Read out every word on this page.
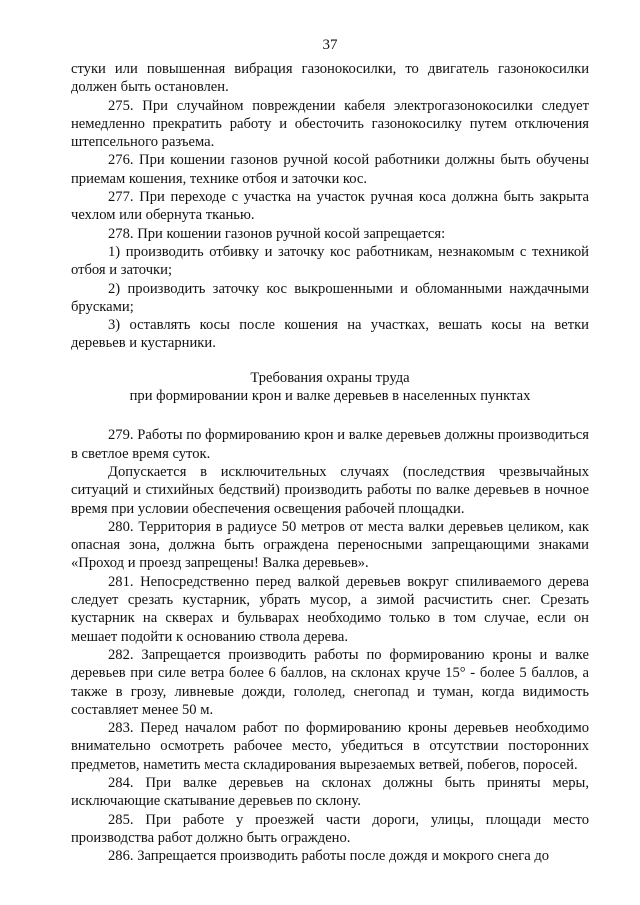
37

стуки или повышенная вибрация газонокосилки, то двигатель газонокосилки должен быть остановлен.

275. При случайном повреждении кабеля электрогазонокосилки следует немедленно прекратить работу и обесточить газонокосилку путем отключения штепсельного разъема.

276. При кошении газонов ручной косой работники должны быть обучены приемам кошения, технике отбоя и заточки кос.

277. При переходе с участка на участок ручная коса должна быть закрыта чехлом или обернута тканью.

278. При кошении газонов ручной косой запрещается:

1) производить отбивку и заточку кос работникам, незнакомым с техникой отбоя и заточки;

2) производить заточку кос выкрошенными и обломанными наждачными брусками;

3) оставлять косы после кошения на участках, вешать косы на ветки деревьев и кустарники.

Требования охраны труда

при формировании крон и валке деревьев в населенных пунктах

279. Работы по формированию крон и валке деревьев должны производиться в светлое время суток.

Допускается в исключительных случаях (последствия чрезвычайных ситуаций и стихийных бедствий) производить работы по валке деревьев в ночное время при условии обеспечения освещения рабочей площадки.

280. Территория в радиусе 50 метров от места валки деревьев целиком, как опасная зона, должна быть ограждена переносными запрещающими знаками «Проход и проезд запрещены! Валка деревьев».

281. Непосредственно перед валкой деревьев вокруг спиливаемого дерева следует срезать кустарник, убрать мусор, а зимой расчистить снег. Срезать кустарник на скверах и бульварах необходимо только в том случае, если он мешает подойти к основанию ствола дерева.

282. Запрещается производить работы по формированию кроны и валке деревьев при силе ветра более 6 баллов, на склонах круче 15° - более 5 баллов, а также в грозу, ливневые дожди, гололед, снегопад и туман, когда видимость составляет менее 50 м.

283. Перед началом работ по формированию кроны деревьев необходимо внимательно осмотреть рабочее место, убедиться в отсутствии посторонних предметов, наметить места складирования вырезаемых ветвей, побегов, поросей.

284. При валке деревьев на склонах должны быть приняты меры, исключающие скатывание деревьев по склону.

285. При работе у проезжей части дороги, улицы, площади место производства работ должно быть ограждено.

286. Запрещается производить работы после дождя и мокрого снега до
